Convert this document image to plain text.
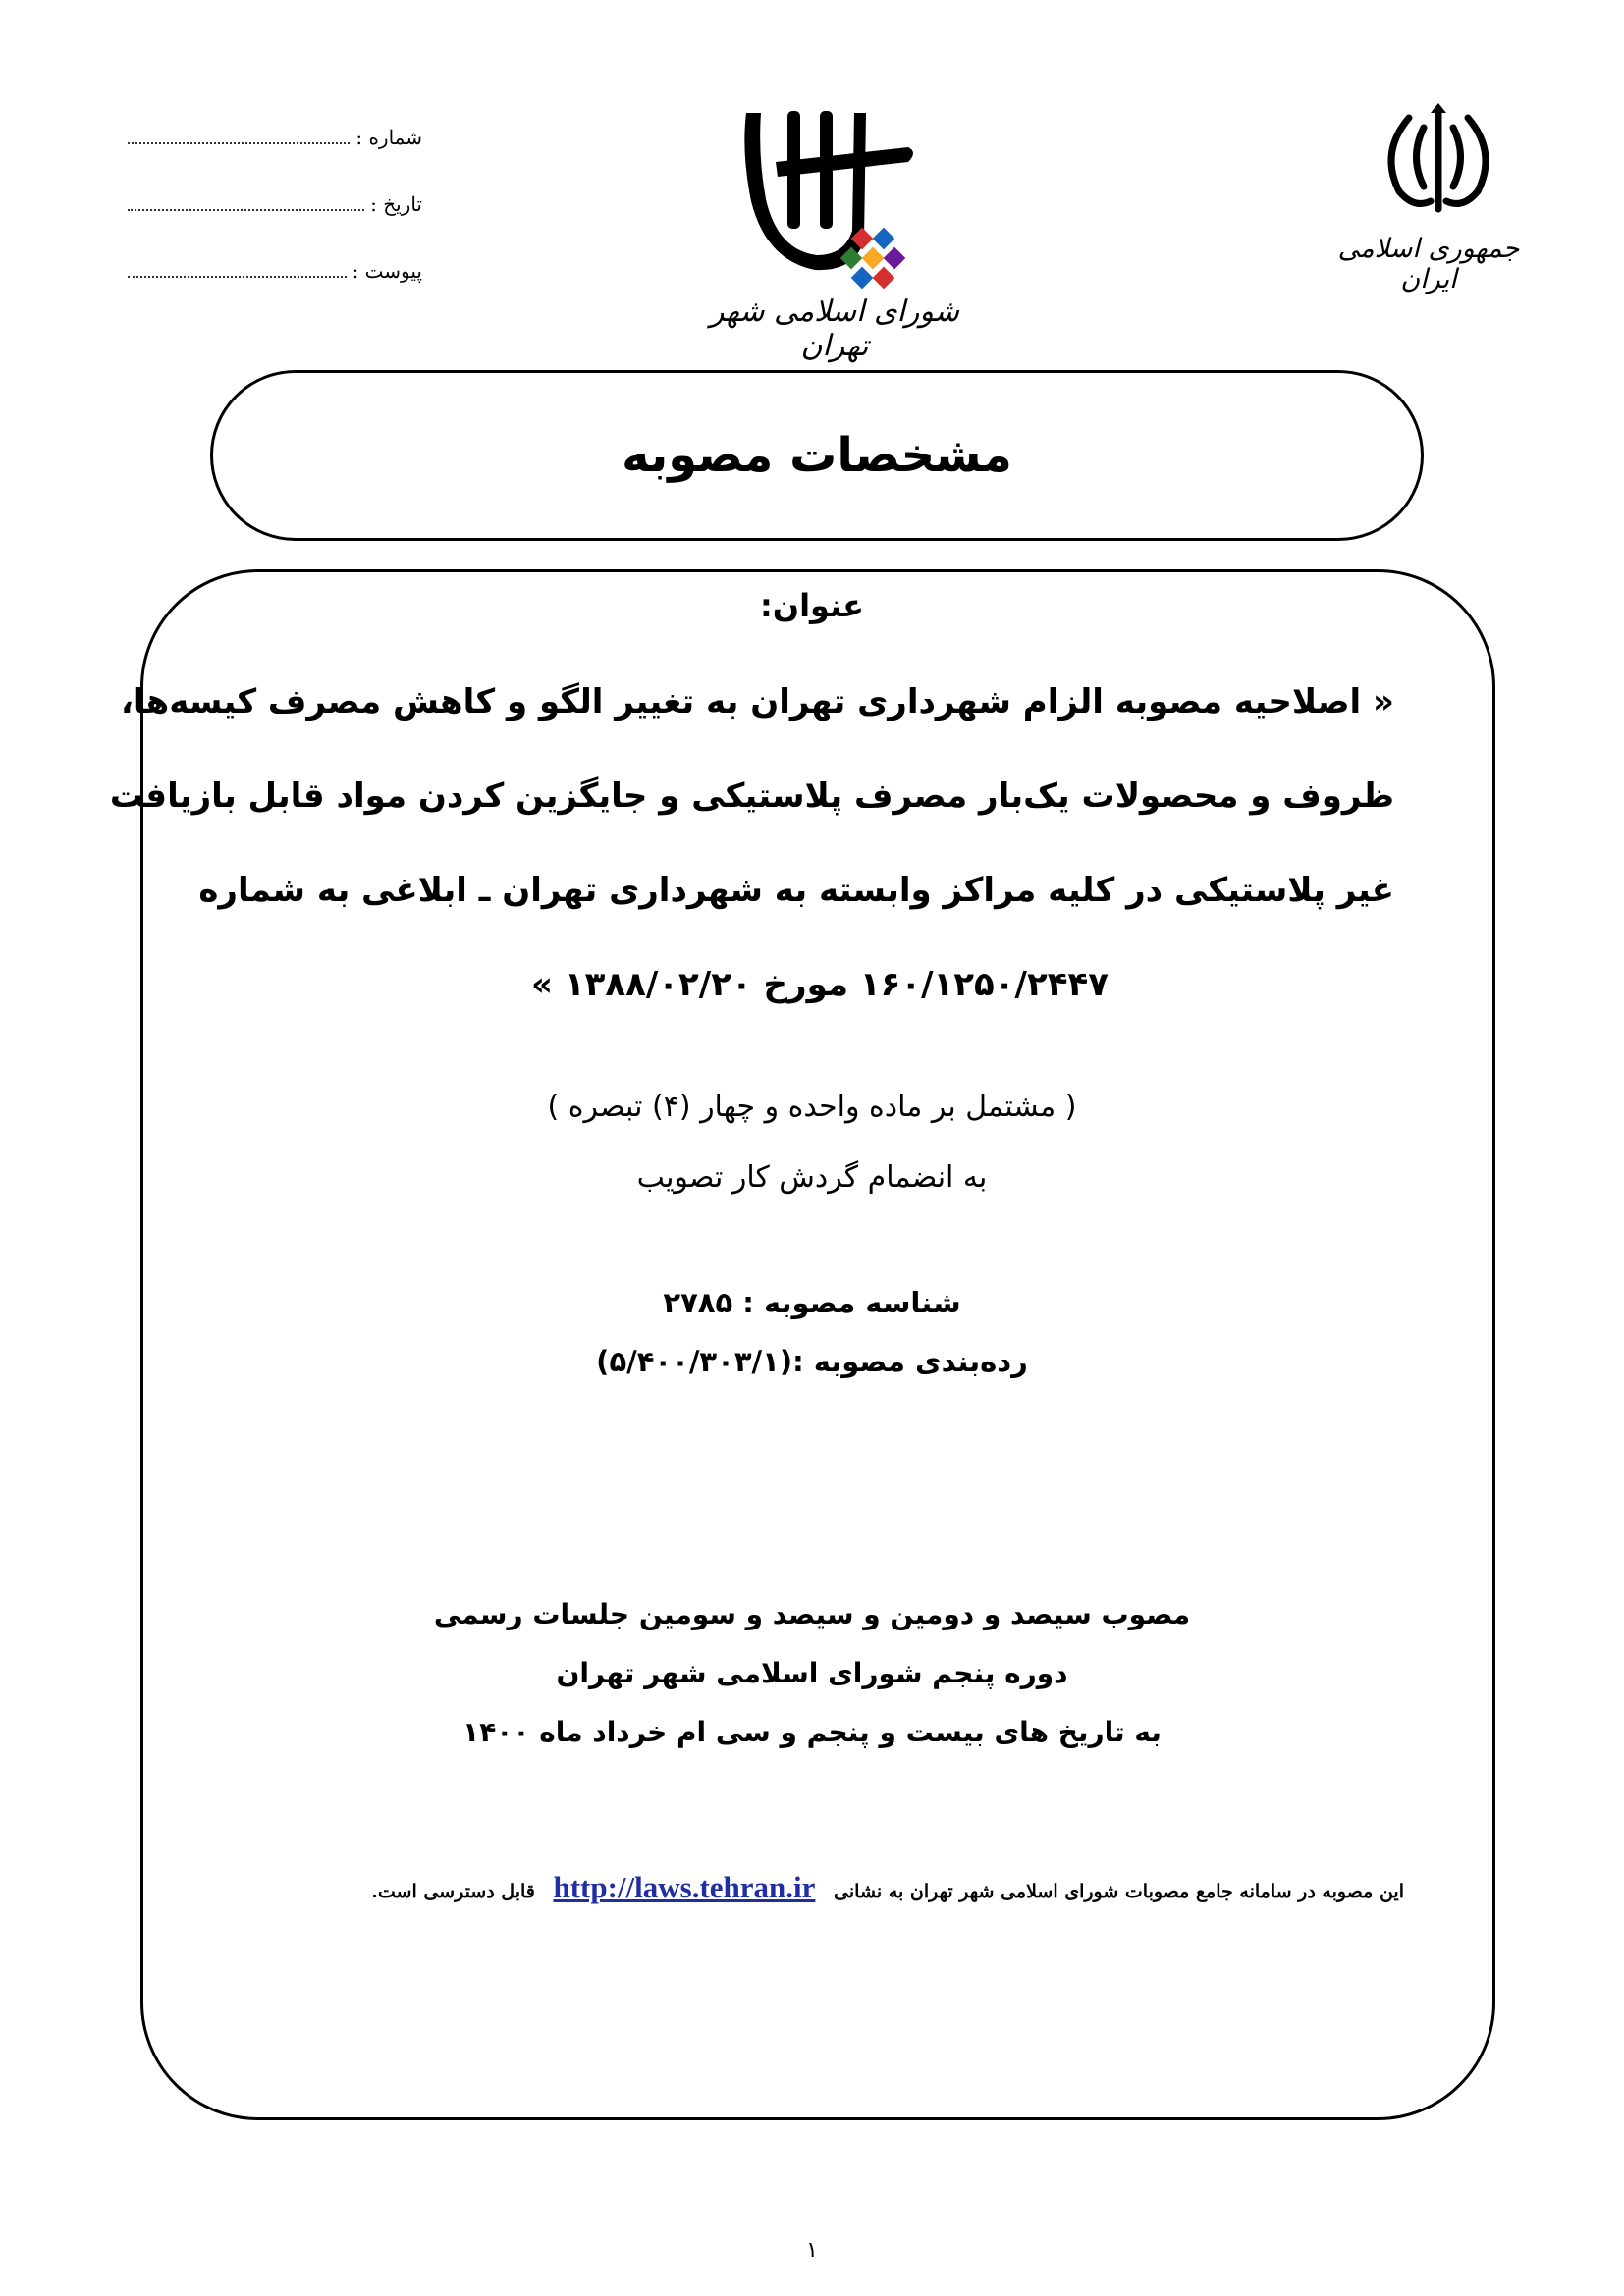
شماره :
تاریخ :
پیوست :
شورای اسلامی شهر تهران
جمهوری اسلامی ایران
مشخصات مصوبه
عنوان:
« اصلاحیه مصوبه الزام شهرداری تهران به تغییر الگو و کاهش مصرف کیسه‌ها،
ظروف و محصولات یک‌بار مصرف پلاستیکی و جایگزین کردن مواد قابل بازیافت
غیر پلاستیکی در کلیه مراکز وابسته به شهرداری تهران ـ ابلاغی به شماره
۱۶۰/۱۲۵۰/۲۴۴۷ مورخ ۱۳۸۸/۰۲/۲۰ »
( مشتمل بر ماده واحده و چهار (۴) تبصره )
به انضمام گردش کار تصویب
شناسه مصوبه : ۲۷۸۵
رده‌بندی مصوبه :(۵/۴۰۰/۳۰۳/۱)
مصوب سیصد و دومین و سیصد و سومین جلسات رسمی
دوره پنجم شورای اسلامی شهر تهران
به تاریخ های بیست و پنجم و سی ام خرداد ماه ۱۴۰۰
این مصوبه در سامانه جامع مصوبات شورای اسلامی شهر تهران به نشانی http://laws.tehran.ir قابل دسترسی است.
۱
